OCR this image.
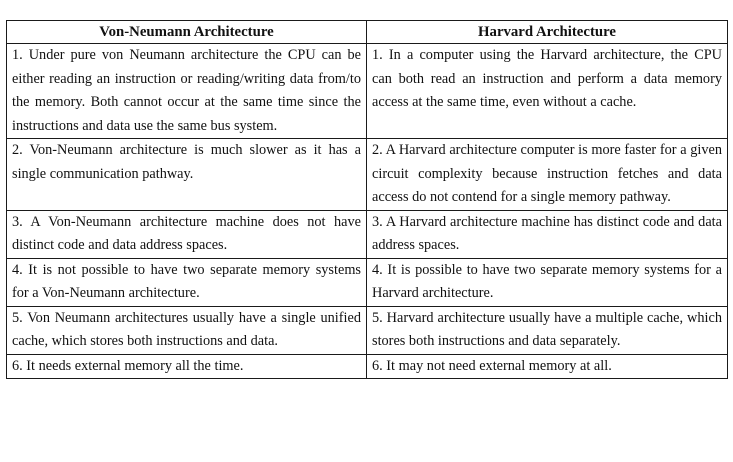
Von-Neumann Architecture	Harvard Architecture
1. Under pure von Neumann architecture the CPU can be either reading an instruction or reading/writing data from/to the memory. Both cannot occur at the same time since the instructions and data use the same bus system.	1. In a computer using the Harvard architecture, the CPU can both read an instruction and perform a data memory access at the same time, even without a cache.
2. Von-Neumann architecture is much slower as it has a single communication pathway.	2. A Harvard architecture computer is more faster for a given circuit complexity because instruction fetches and data access do not contend for a single memory pathway.
3. A Von-Neumann architecture machine does not have distinct code and data address spaces.	3. A Harvard architecture machine has distinct code and data address spaces.
4. It is not possible to have two separate memory systems for a Von-Neumann architecture.	4. It is possible to have two separate memory systems for a Harvard architecture.
5. Von Neumann architectures usually have a single unified cache, which stores both instructions and data.	5. Harvard architecture usually have a multiple cache, which stores both instructions and data separately.
6. It needs external memory all the time.	6. It may not need external memory at all.
